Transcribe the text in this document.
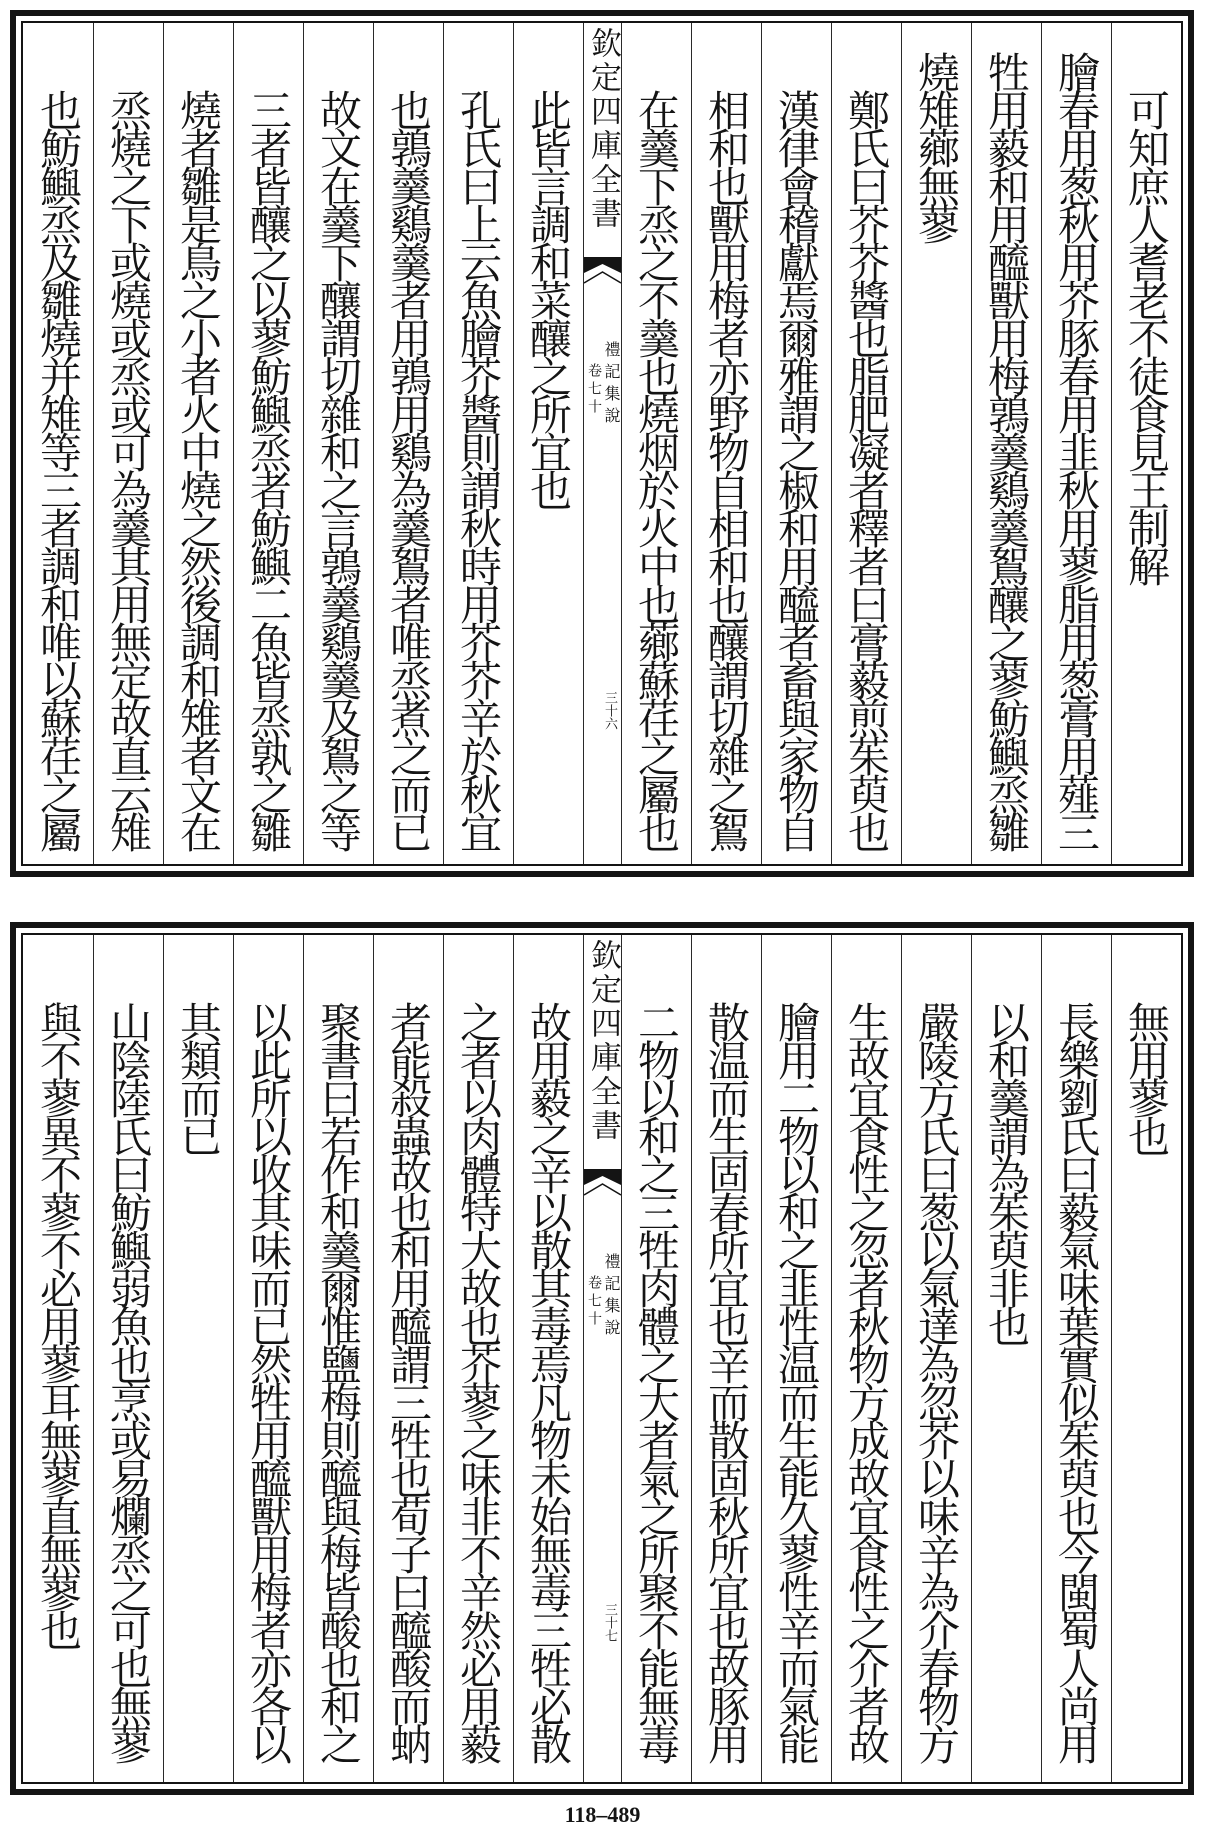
可知庶人耆老不徒食見王制解
膾春用葱秋用芥豚春用韭秋用蓼脂用葱膏用薤三
牲用藙和用醯獸用梅鶉羹鷄羹鴽釀之蓼魴鱮烝雛
燒雉薌無蓼
鄭氏曰芥芥醬也脂肥凝者釋者曰膏藙煎茱萸也
漢律會稽獻焉爾雅謂之椒和用醯者畜與家物自
相和也獸用梅者亦野物自相和也釀謂切雜之鴽
在羹下烝之不羹也燒烟於火中也薌蘇荏之屬也
欽定四庫全書
禮記集說
卷七十
三十六
此皆言調和菜釀之所宜也
孔氏曰上云魚膾芥醬則謂秋時用芥芥辛於秋宜
也鶉羹鷄羹者用鶉用鷄為羹鴽者唯烝煮之而已
故文在羹下釀謂切雜和之言鶉羹鷄羹及鴽之等
三者皆釀之以蓼魴鱮烝者魴鱮二魚皆烝孰之雛
燒者雛是鳥之小者火中燒之然後調和雉者文在
烝燒之下或燒或烝或可為羹其用無定故直云雉
也魴鱮烝及雛燒并雉等三者調和唯以蘇荏之屬
無用蓼也
長樂劉氏曰藙氣味葉實似茱萸也今閩蜀人尚用
以和羹謂為茱萸非也
嚴陵方氏曰葱以氣達為忽芥以味辛為介春物方
生故宜食性之忽者秋物方成故宜食性之介者故
膾用二物以和之韭性温而生能久蓼性辛而氣能
散温而生固春所宜也辛而散固秋所宜也故豚用
二物以和之三牲肉體之大者氣之所聚不能無毒
欽定四庫全書
禮記集說
卷七十
三十七
故用藙之辛以散其毒焉凡物未始無毒三牲必散
之者以肉體特大故也芥蓼之味非不辛然必用藙
者能殺蟲故也和用醯謂三牲也荀子曰醯酸而蚋
聚書曰若作和羹爾惟鹽梅則醯與梅皆酸也和之
以此所以收其味而已然牲用醯獸用梅者亦各以
其類而已
山陰陸氏曰魴鱮弱魚也烹或易爛烝之可也無蓼
與不蓼異不蓼不必用蓼耳無蓼直無蓼也
118–489
